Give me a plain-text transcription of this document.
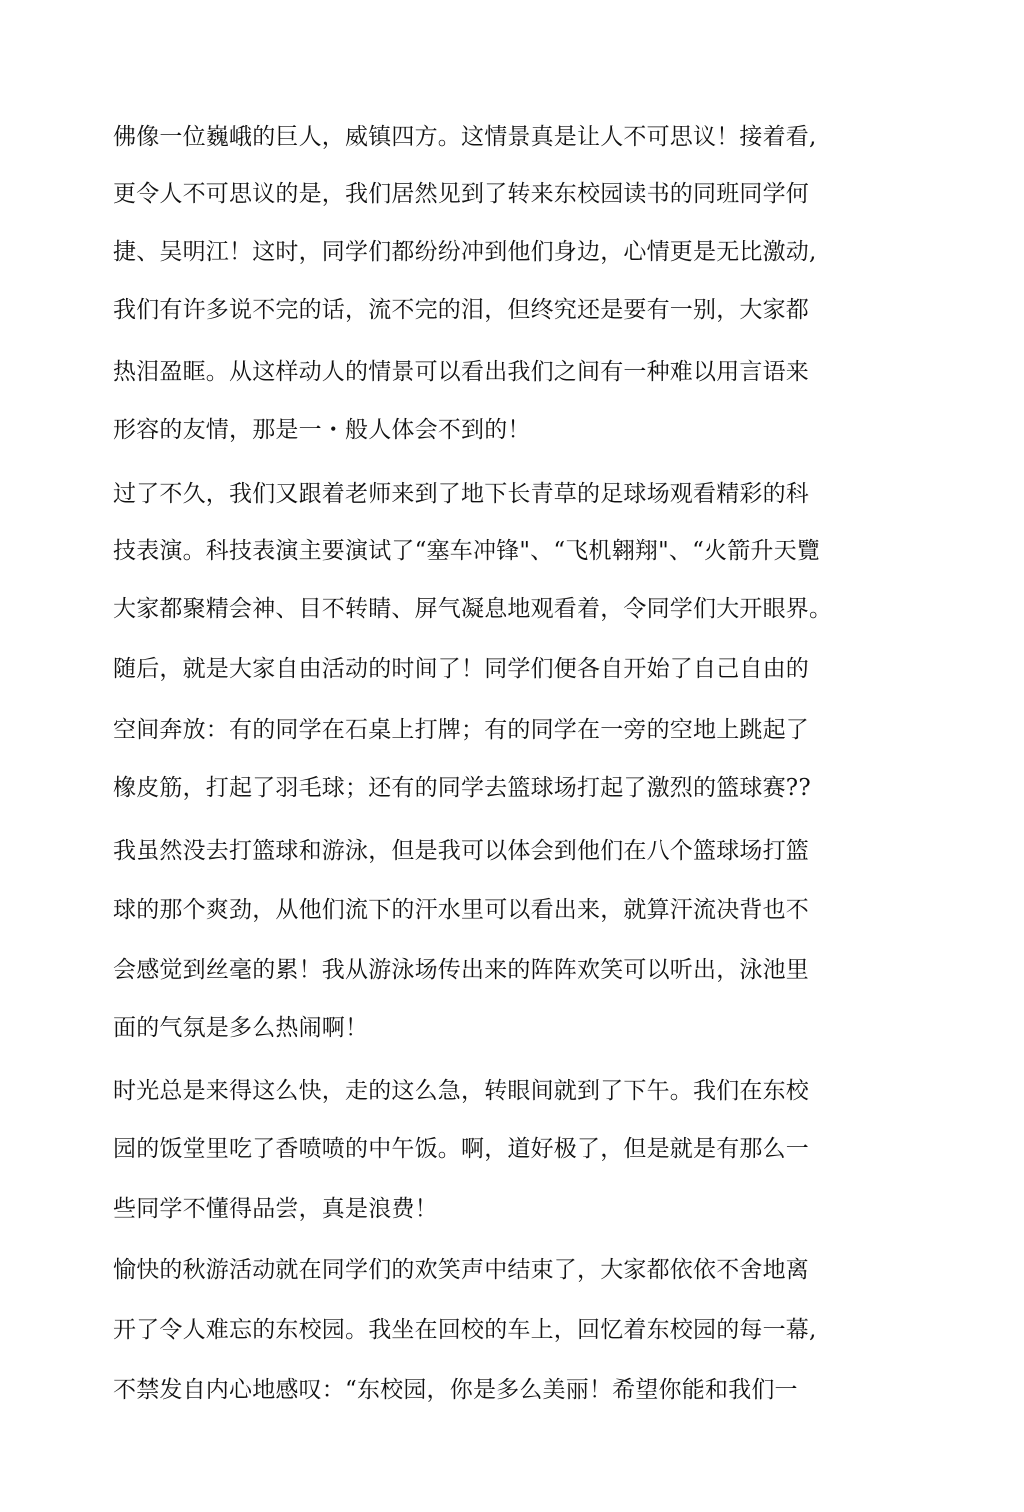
佛像一位巍峨的巨人，威镇四方。这情景真是让人不可思议！接着看,
更令人不可思议的是，我们居然见到了转来东校园读书的同班同学何
捷、吴明江！这时，同学们都纷纷冲到他们身边，心情更是无比激动,
我们有许多说不完的话，流不完的泪，但终究还是要有一别，大家都
热泪盈眶。从这样动人的情景可以看出我们之间有一种难以用言语来
形容的友情，那是一・般人体会不到的！
过了不久，我们又跟着老师来到了地下长青草的足球场观看精彩的科
技表演。科技表演主要演试了“塞车冲锋"、“飞机翱翔"、“火箭升天覽
大家都聚精会神、目不转睛、屏气凝息地观看着，令同学们大开眼界。
随后，就是大家自由活动的时间了！同学们便各自开始了自己自由的
空间奔放：有的同学在石桌上打牌；有的同学在一旁的空地上跳起了
橡皮筋，打起了羽毛球；还有的同学去篮球场打起了激烈的篮球赛??
我虽然没去打篮球和游泳，但是我可以体会到他们在八个篮球场打篮
球的那个爽劲，从他们流下的汗水里可以看出来，就算汗流决背也不
会感觉到丝毫的累！我从游泳场传出来的阵阵欢笑可以听出，泳池里
面的气氛是多么热闹啊！
时光总是来得这么快，走的这么急，转眼间就到了下午。我们在东校
园的饭堂里吃了香喷喷的中午饭。啊，道好极了，但是就是有那么一
些同学不懂得品尝，真是浪费！
愉快的秋游活动就在同学们的欢笑声中结束了，大家都依依不舍地离
开了令人难忘的东校园。我坐在回校的车上，回忆着东校园的每一幕,
不禁发自内心地感叹：“东校园，你是多么美丽！希望你能和我们一
